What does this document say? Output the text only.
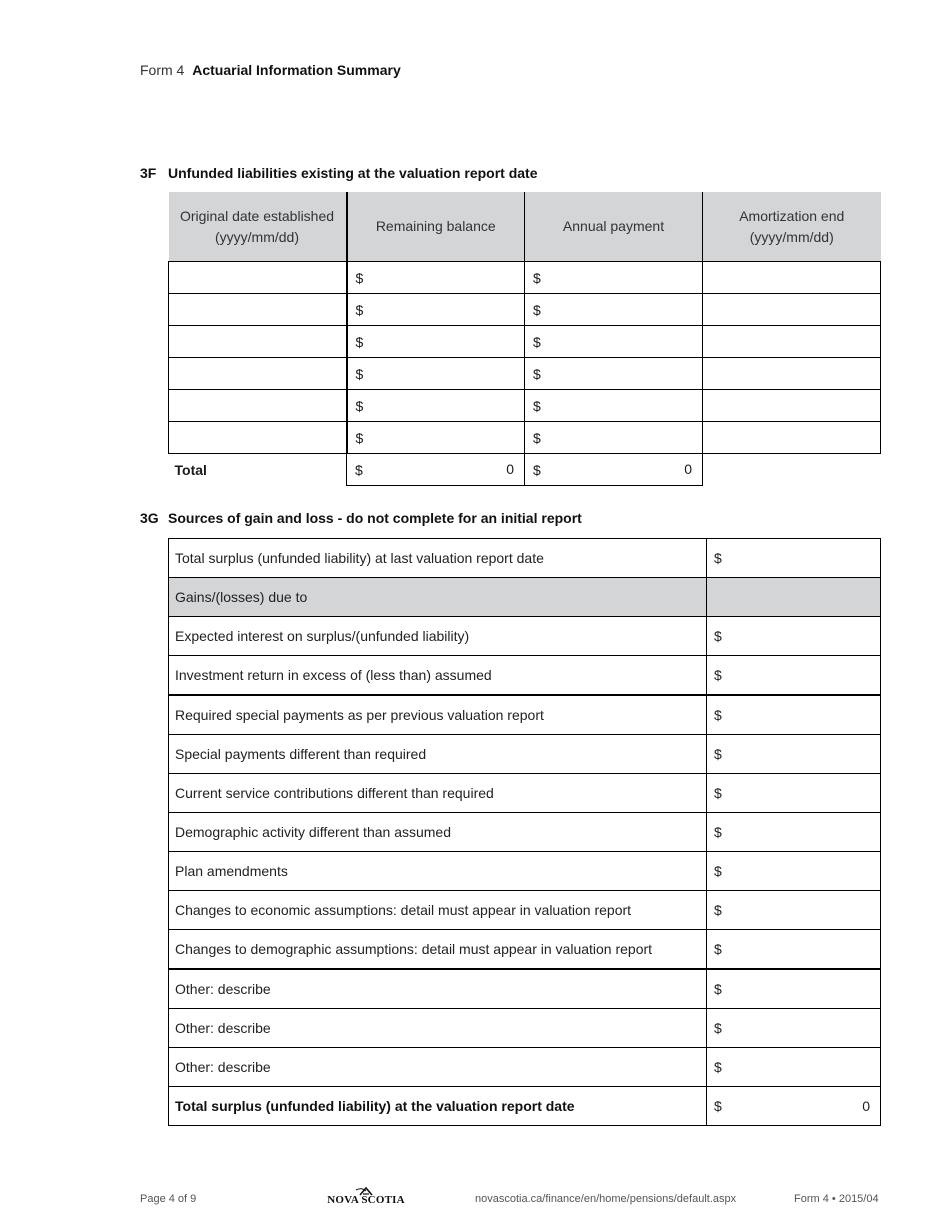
Form 4 Actuarial Information Summary
3F Unfunded liabilities existing at the valuation report date
Original date established (yyyy/mm/dd)	Remaining balance	Annual payment	Amortization end (yyyy/mm/dd)
	$	$

	$	$

	$	$

	$	$

	$	$

	$	$

Total	$ 0	$ 0	

3G Sources of gain and loss - do not complete for an initial report
Total surplus (unfunded liability) at last valuation report date	$

Gains/(losses) due to	
Expected interest on surplus/(unfunded liability)	$

Investment return in excess of (less than) assumed	$

Required special payments as per previous valuation report	$

Special payments different than required	$

Current service contributions different than required	$

Demographic activity different than assumed	$

Plan amendments	$

Changes to economic assumptions: detail must appear in valuation report	$

Changes to demographic assumptions: detail must appear in valuation report	$

Other: describe	$

Other: describe	$

Other: describe	$

Total surplus (unfunded liability) at the valuation report date	$ 0
Page 4 of 9	NOVA SCOTIA	novascotia.ca/finance/en/home/pensions/default.aspx	Form 4 • 2015/04
